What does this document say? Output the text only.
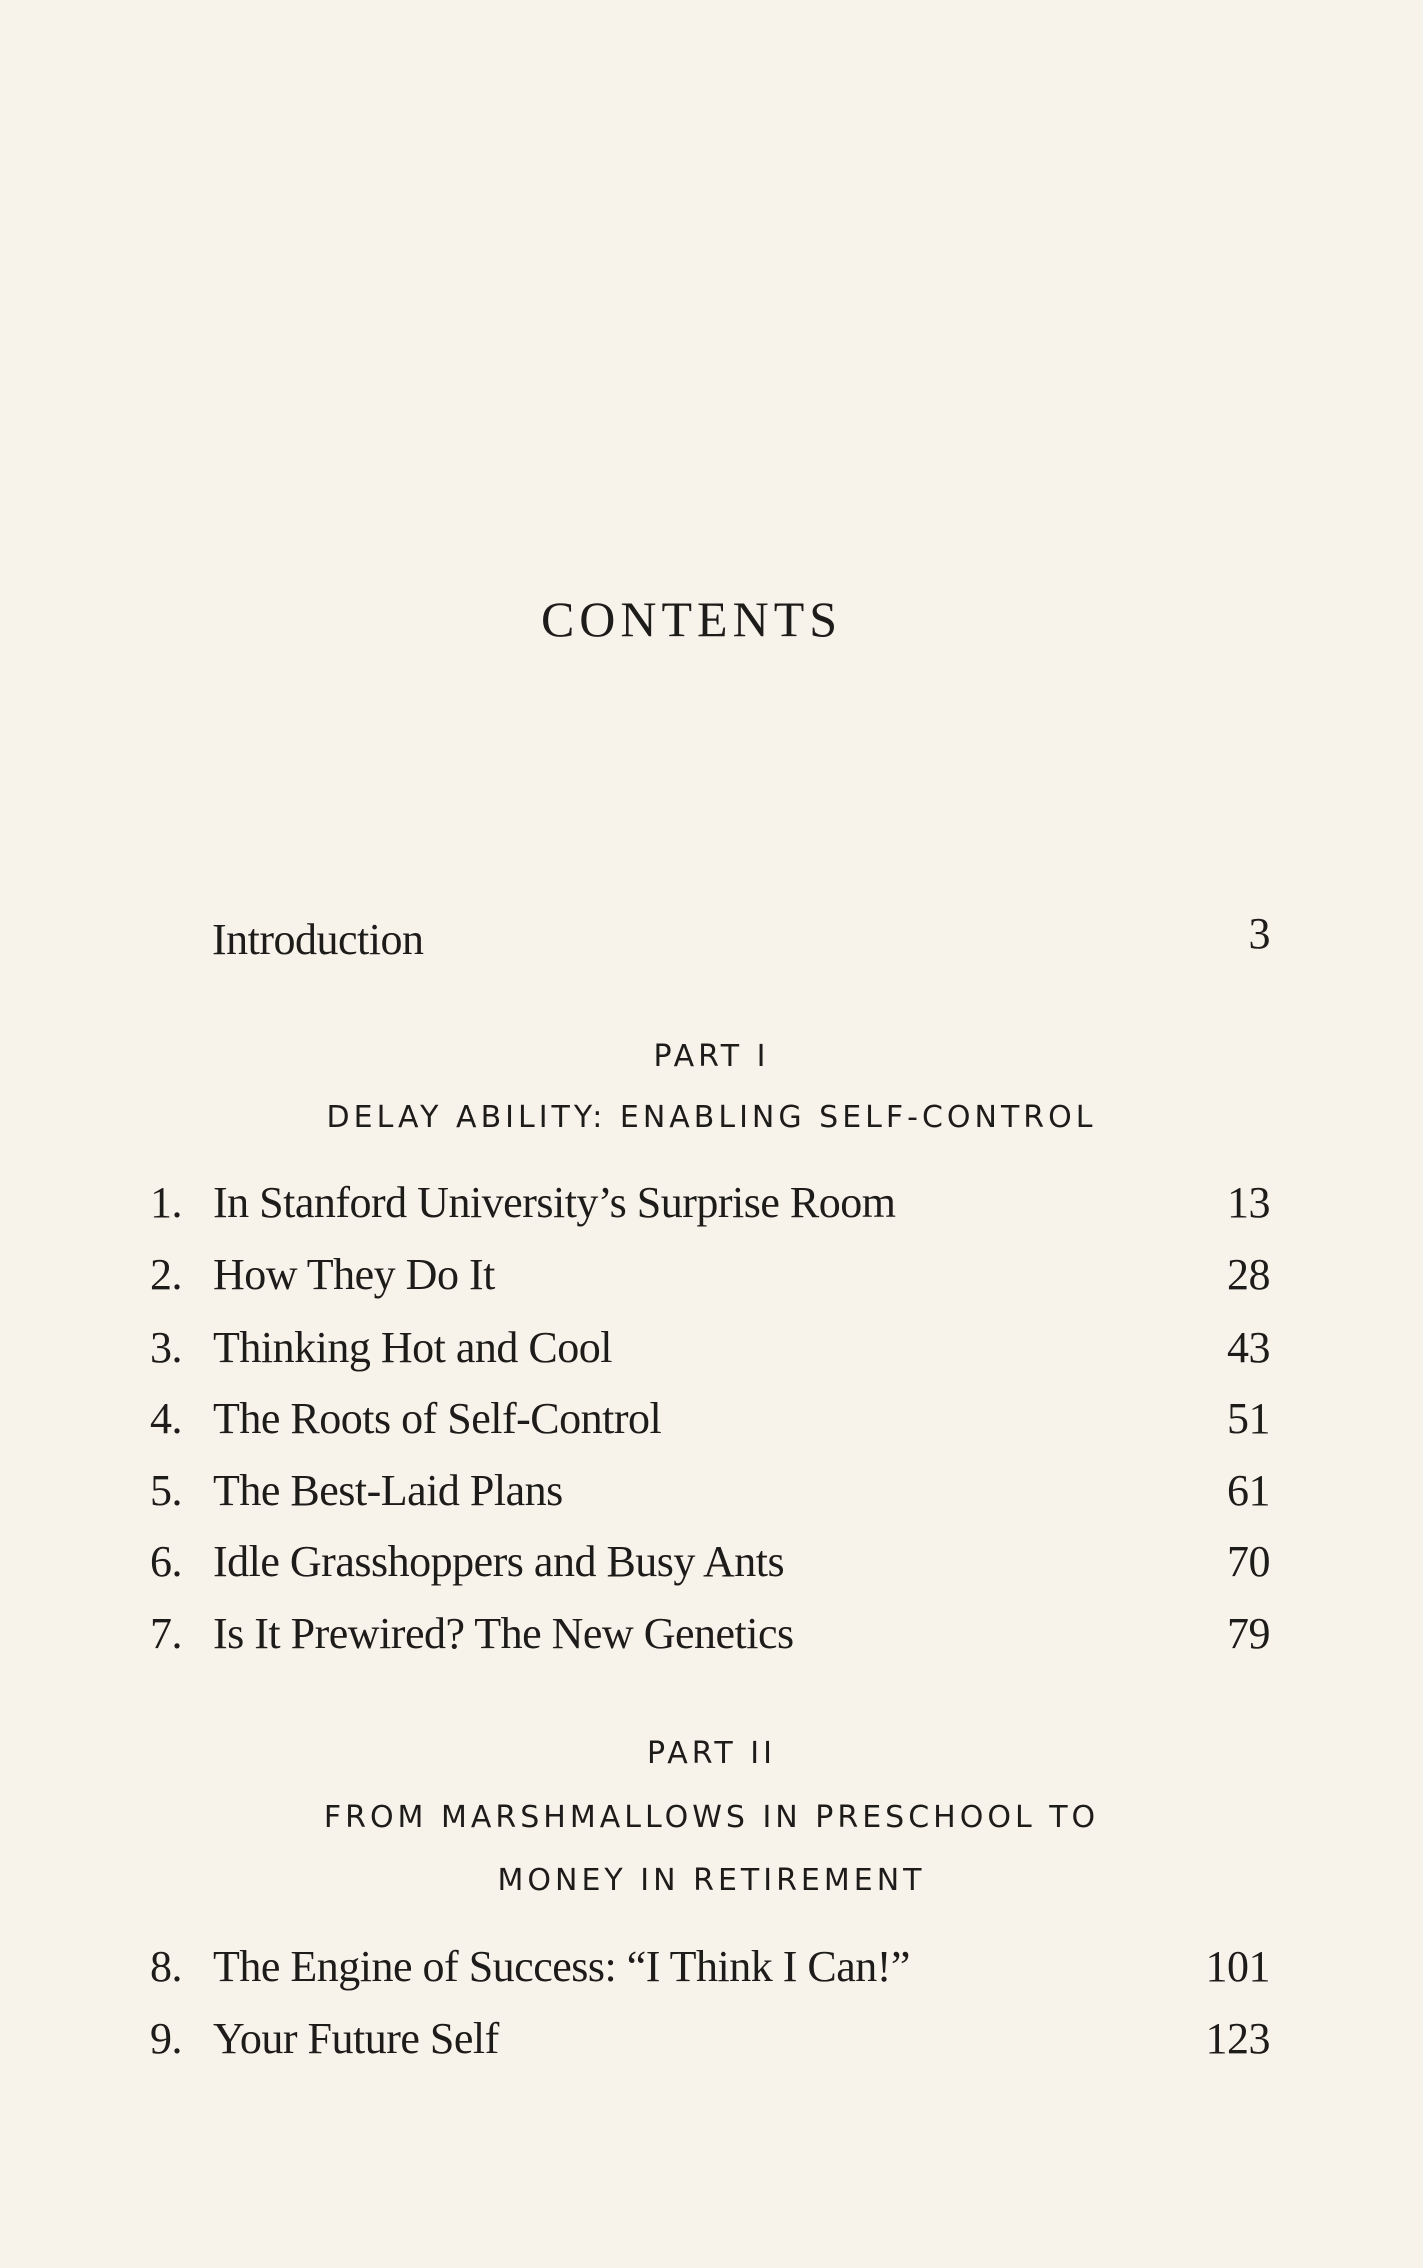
CONTENTS
Introduction	3
PART I
DELAY ABILITY: ENABLING SELF-CONTROL
1. In Stanford University’s Surprise Room	13
2. How They Do It	28
3. Thinking Hot and Cool	43
4. The Roots of Self-Control	51
5. The Best-Laid Plans	61
6. Idle Grasshoppers and Busy Ants	70
7. Is It Prewired? The New Genetics	79
PART II
FROM MARSHMALLOWS IN PRESCHOOL TO
MONEY IN RETIREMENT
8. The Engine of Success: “I Think I Can!”	101
9. Your Future Self	123
